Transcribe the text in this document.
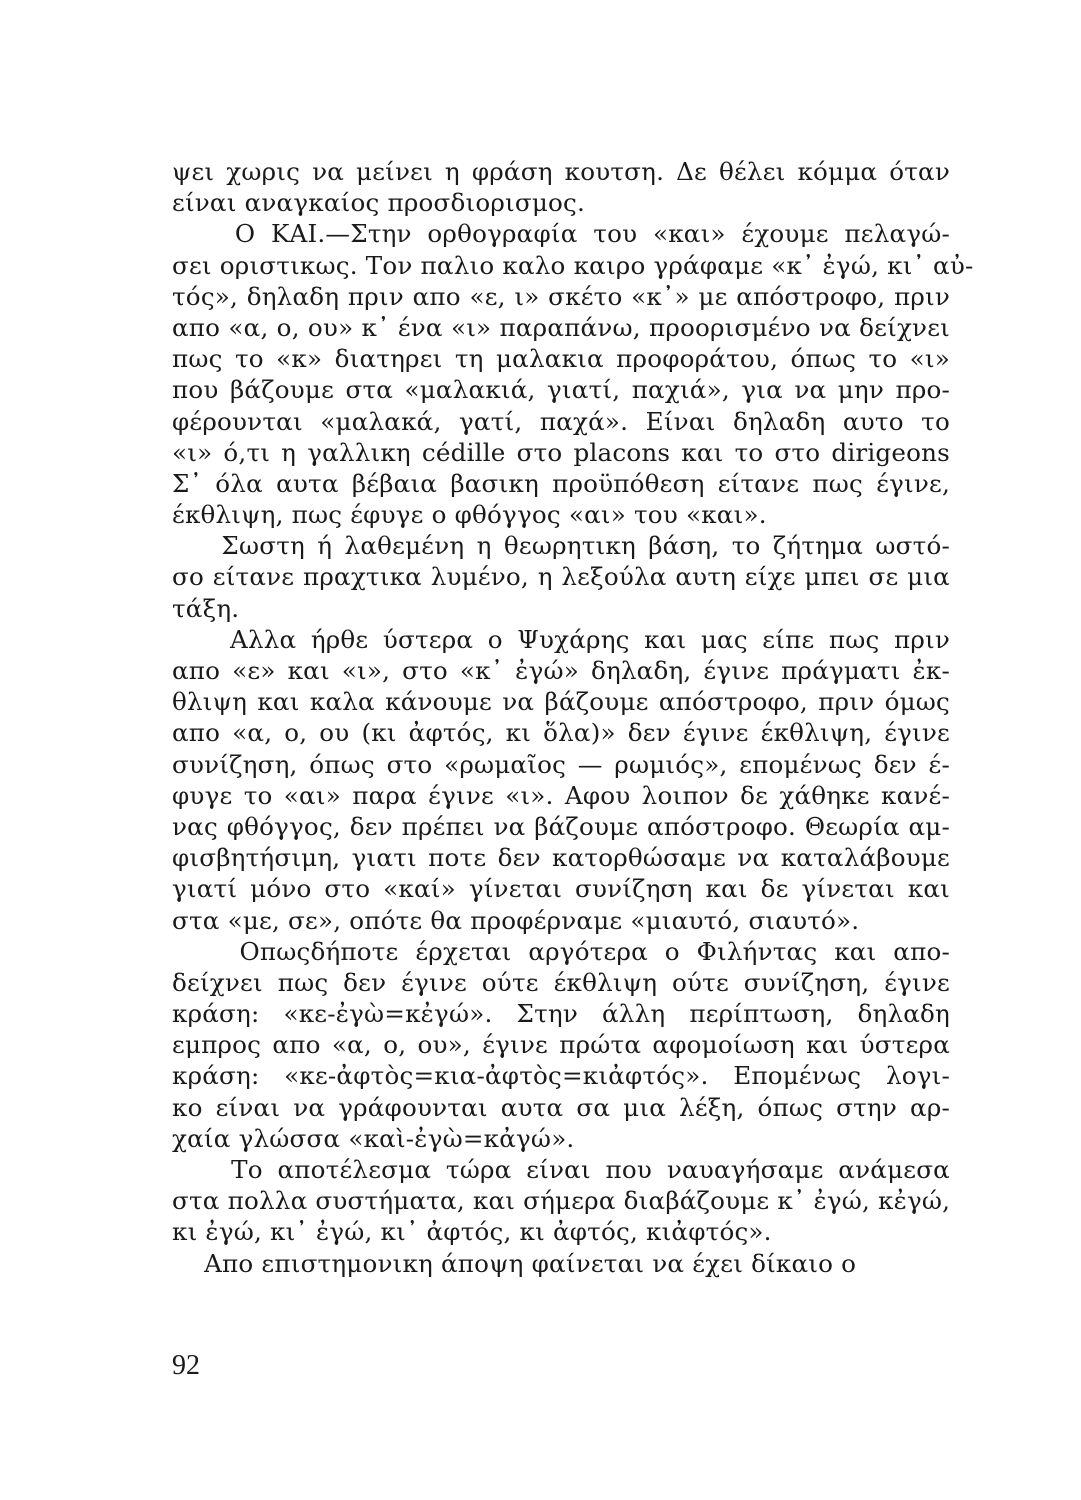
ψει χωρις να μείνει η φράση κουτση. Δε θέλει κόμμα όταν
είναι αναγκαίος προσδιορισμος.
Ο ΚΑΙ.—Στην ορθογραφία του «και» έχουμε πελαγώ-
σει οριστικως. Τον παλιο καλο καιρο γράφαμε «κ᾿ ἐγώ, κι᾿ αὐ-
τός», δηλαδη πριν απο «ε, ι» σκέτο «κ᾿» με απόστροφο, πριν
απο «α, ο, ου» κ᾿ ένα «ι» παραπάνω, προορισμένο να δείχνει
πως το «κ» διατηρει τη μαλακια προφοράτου, όπως το «ι»
που βάζουμε στα «μαλακιά, γιατί, παχιά», για να μην προ-
φέρουνται «μαλακά, γατί, παχά». Είναι δηλαδη αυτο το
«ι» ό,τι η γαλλικη cédille στο placons και το στο dirigeons
Σ᾿ όλα αυτα βέβαια βασικη προϋπόθεση είτανε πως έγινε,
έκθλιψη, πως έφυγε ο φθόγγος «αι» του «και».
Σωστη ή λαθεμένη η θεωρητικη βάση, το ζήτημα ωστό-
σο είτανε πραχτικα λυμένο, η λεξούλα αυτη είχε μπει σε μια
τάξη.
Αλλα ήρθε ύστερα ο Ψυχάρης και μας είπε πως πριν
απο «ε» και «ι», στο «κ᾿ ἐγώ» δηλαδη, έγινε πράγματι ἐκ-
θλιψη και καλα κάνουμε να βάζουμε απόστροφο, πριν όμως
απο «α, ο, ου (κι ἀφτός, κι ὅλα)» δεν έγινε έκθλιψη, έγινε
συνίζηση, όπως στο «ρωμαῖος — ρωμιός», επομένως δεν έ-
φυγε το «αι» παρα έγινε «ι». Αφου λοιπον δε χάθηκε κανέ-
νας φθόγγος, δεν πρέπει να βάζουμε απόστροφο. Θεωρία αμ-
φισβητήσιμη, γιατι ποτε δεν κατορθώσαμε να καταλάβουμε
γιατί μόνο στο «καί» γίνεται συνίζηση και δε γίνεται και
στα «με, σε», οπότε θα προφέρναμε «μιαυτό, σιαυτό».
Οπωςδήποτε έρχεται αργότερα ο Φιλήντας και απο-
δείχνει πως δεν έγινε ούτε έκθλιψη ούτε συνίζηση, έγινε
κράση: «κε-ἐγὼ=κἐγώ». Στην άλλη περίπτωση, δηλαδη
εμπρος απο «α, ο, ου», έγινε πρώτα αφομοίωση και ύστερα
κράση: «κε-ἀφτὸς=κια-ἀφτὸς=κιἀφτός». Επομένως λογι-
κο είναι να γράφουνται αυτα σα μια λέξη, όπως στην αρ-
χαία γλώσσα «καὶ-ἐγὼ=κἀγώ».
Το αποτέλεσμα τώρα είναι που ναυαγήσαμε ανάμεσα
στα πολλα συστήματα, και σήμερα διαβάζουμε κ᾿ ἐγώ, κἐγώ,
κι ἐγώ, κι᾿ ἐγώ, κι᾿ ἀφτός, κι ἀφτός, κιἀφτός».
Απο επιστημονικη άποψη φαίνεται να έχει δίκαιο ο
92
